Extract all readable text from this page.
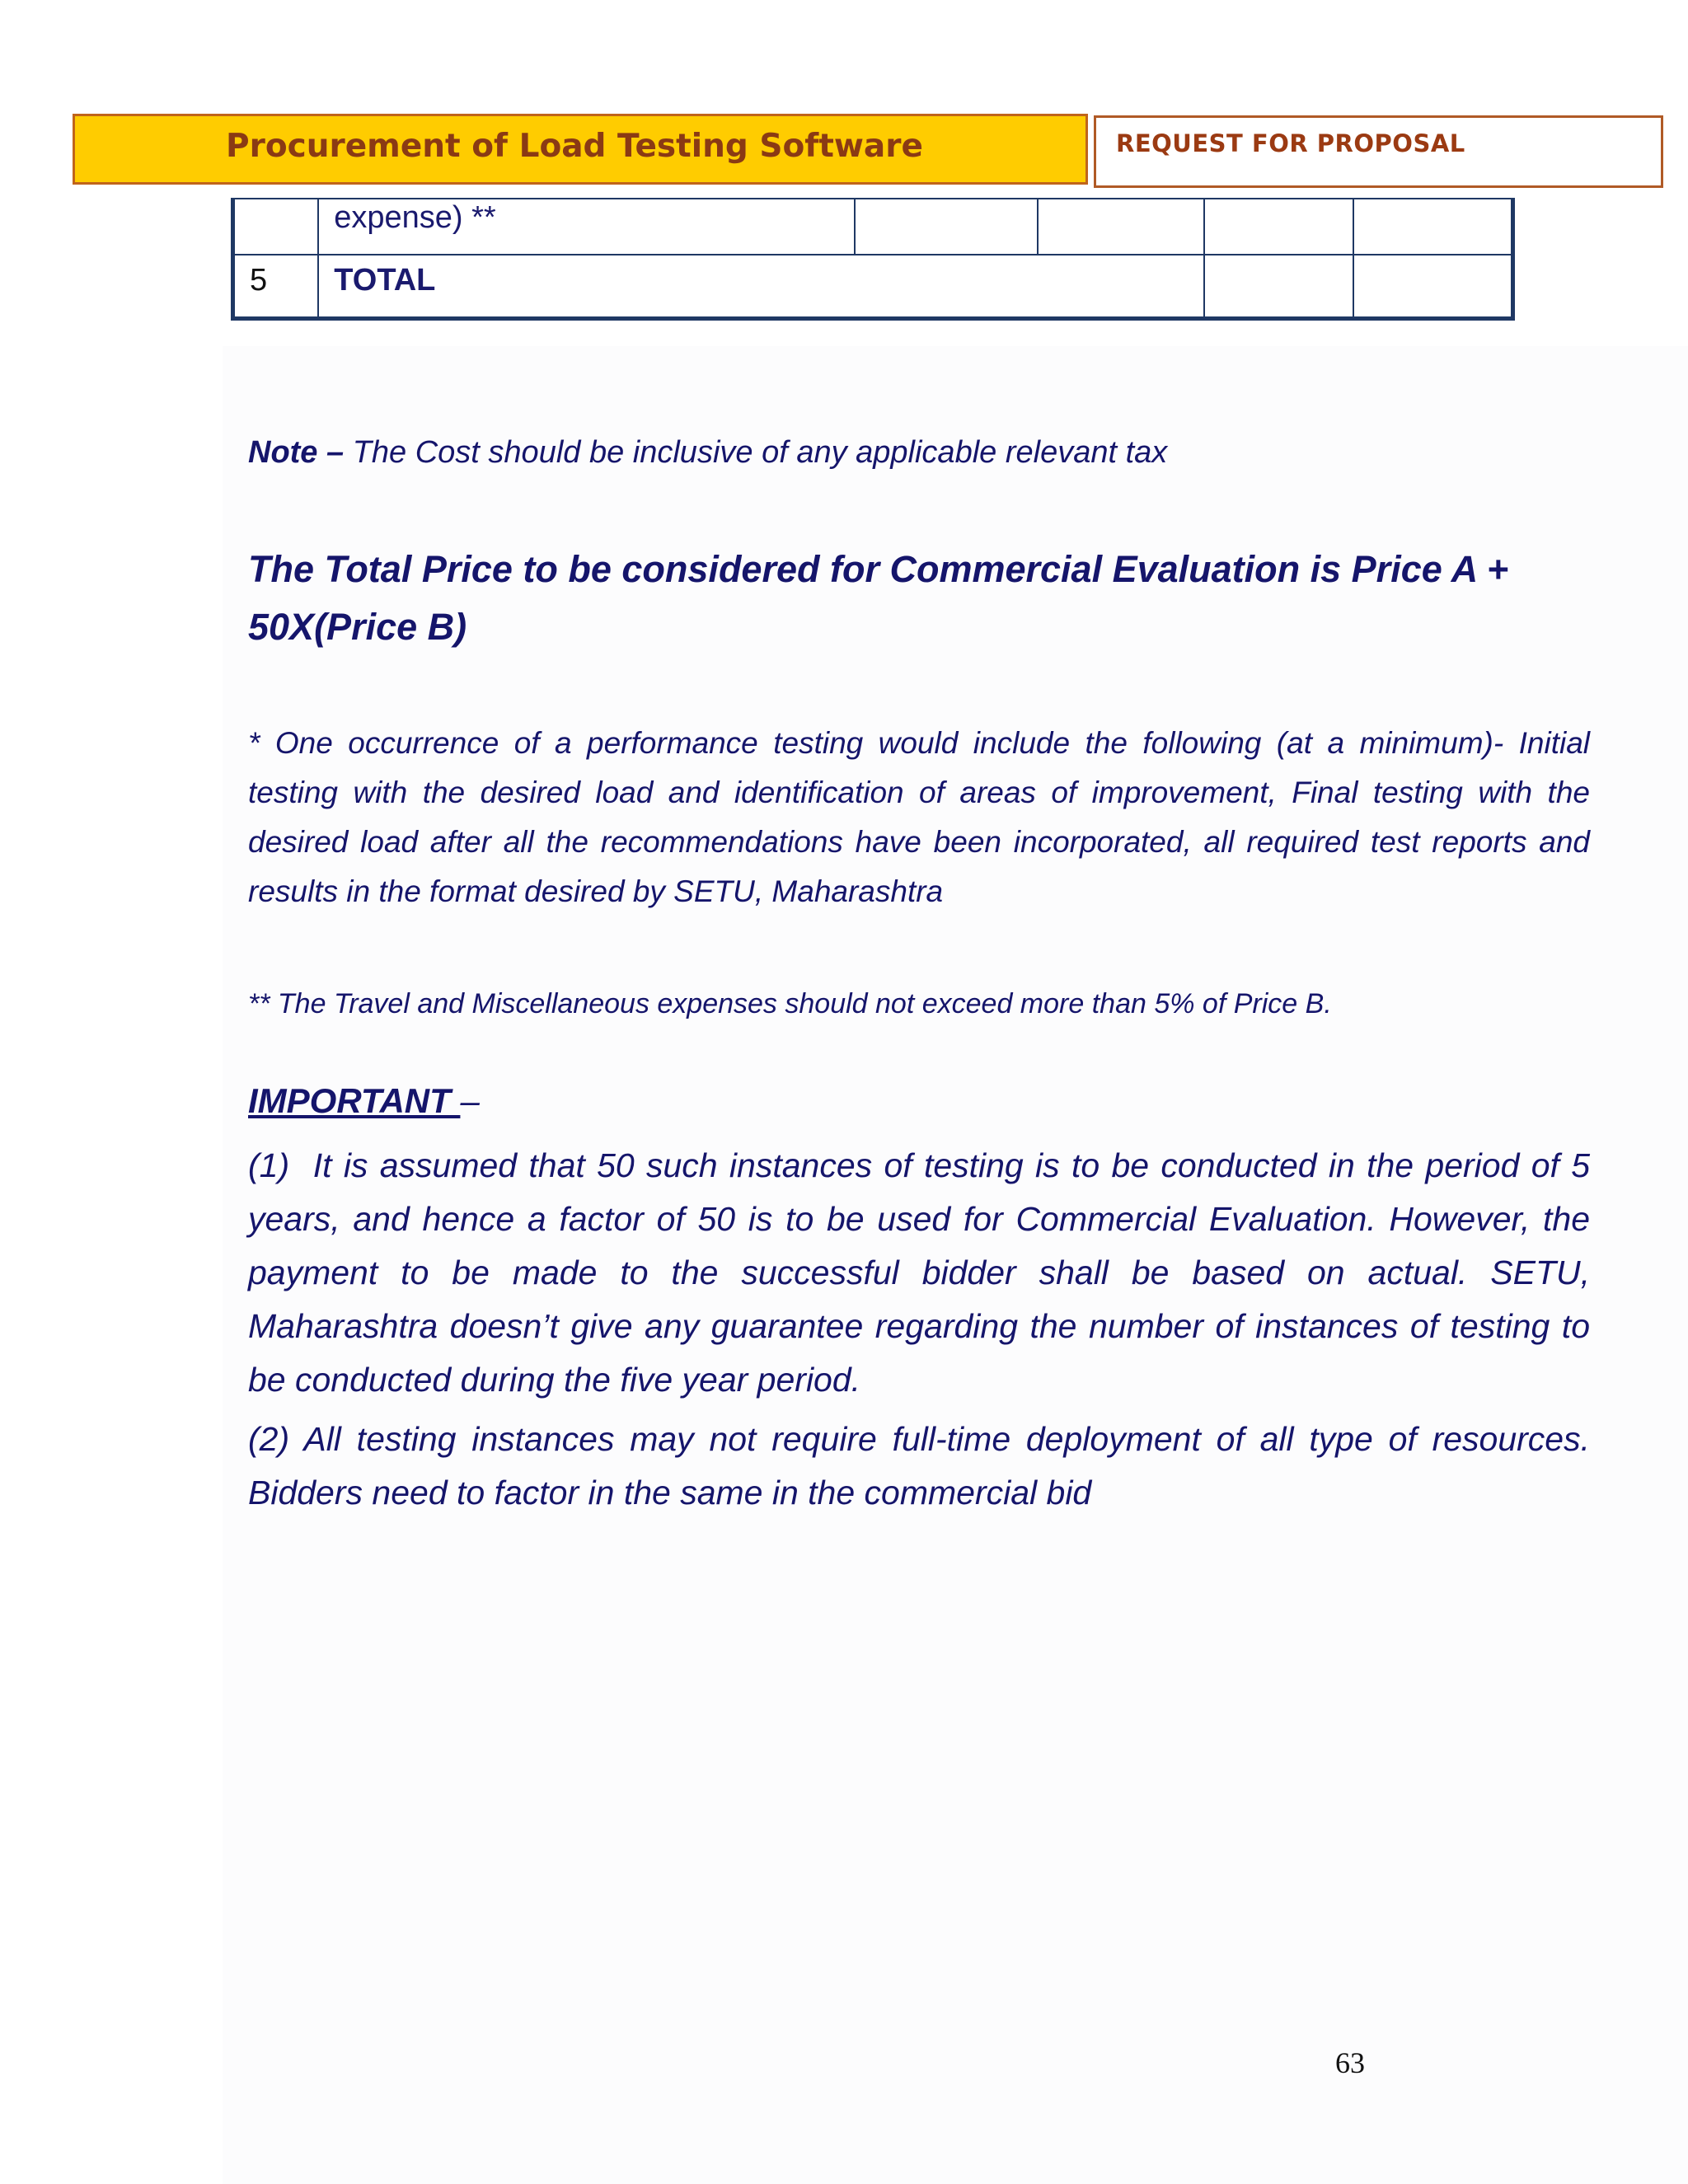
Procurement of Load Testing Software	REQUEST FOR PROPOSAL
	expense) **				
5	TOTAL				
Note – The Cost should be inclusive of any applicable relevant tax
The Total Price to be considered for Commercial Evaluation is Price A + 50X(Price B)
* One occurrence of a performance testing would include the following (at a minimum)- Initial testing with the desired load and identification of areas of improvement, Final testing with the desired load after all the recommendations have been incorporated, all required test reports and results in the format desired by SETU, Maharashtra
** The Travel and Miscellaneous expenses should not exceed more than 5% of Price B.
IMPORTANT –
(1)  It is assumed that 50 such instances of testing is to be conducted in the period of 5 years, and hence a factor of 50 is to be used for Commercial Evaluation. However, the payment to be made to the successful bidder shall be based on actual. SETU, Maharashtra doesn’t give any guarantee regarding the number of instances of testing to be conducted during the five year period.
(2) All testing instances may not require full-time deployment of all type of resources. Bidders need to factor in the same in the commercial bid
63
